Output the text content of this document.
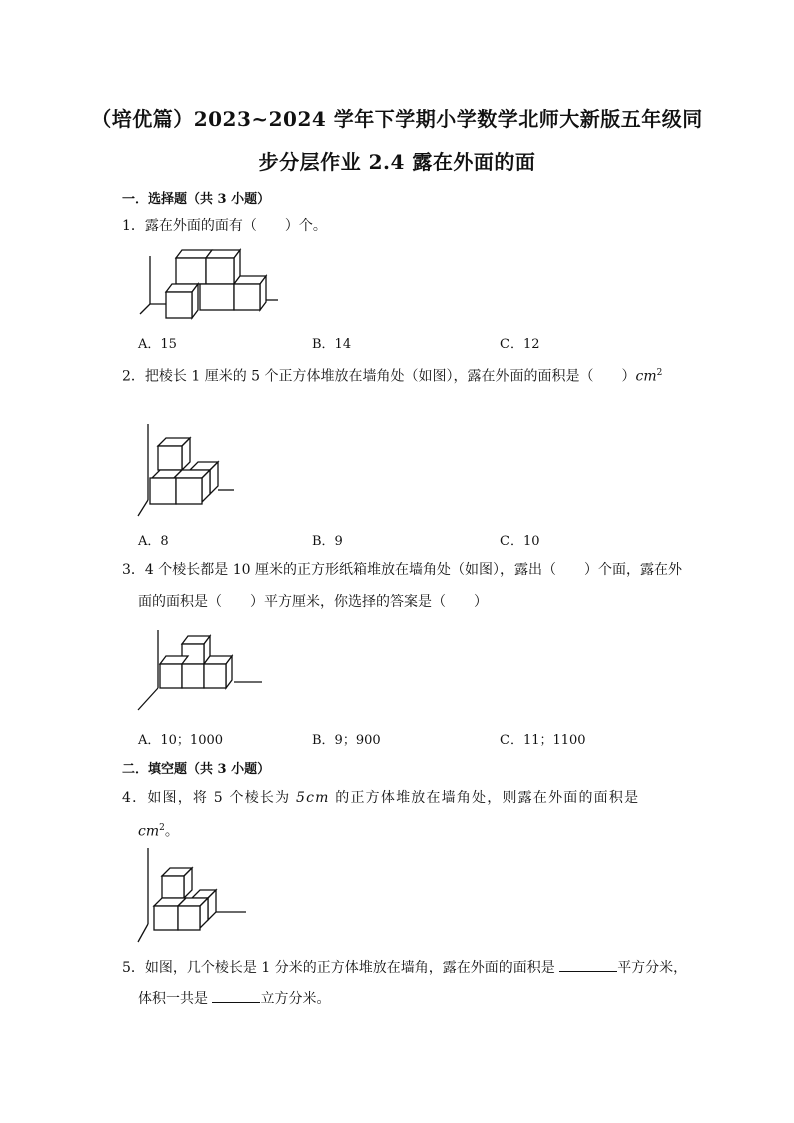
（培优篇）2023~2024 学年下学期小学数学北师大新版五年级同
步分层作业 2.4 露在外面的面
一．选择题（共 3 小题）
1．露在外面的面有（　　）个。
A．15	B．14	C．12
2．把棱长 1 厘米的 5 个正方体堆放在墙角处（如图），露在外面的面积是（　　）$cm^2$
A．8	B．9	C．10
3．4 个棱长都是 10 厘米的正方形纸箱堆放在墙角处（如图），露出（　　）个面，露在外
面的面积是（　　）平方厘米，你选择的答案是（　　）
A．10；1000	B．9；900	C．11；1100
二．填空题（共 3 小题）
4．如图，将 5 个棱长为 5cm 的正方体堆放在墙角处，则露在外面的面积是
$cm^2$。
5．如图，几个棱长是 1 分米的正方体堆放在墙角，露在外面的面积是	平方分米，
体积一共是	立方分米。
